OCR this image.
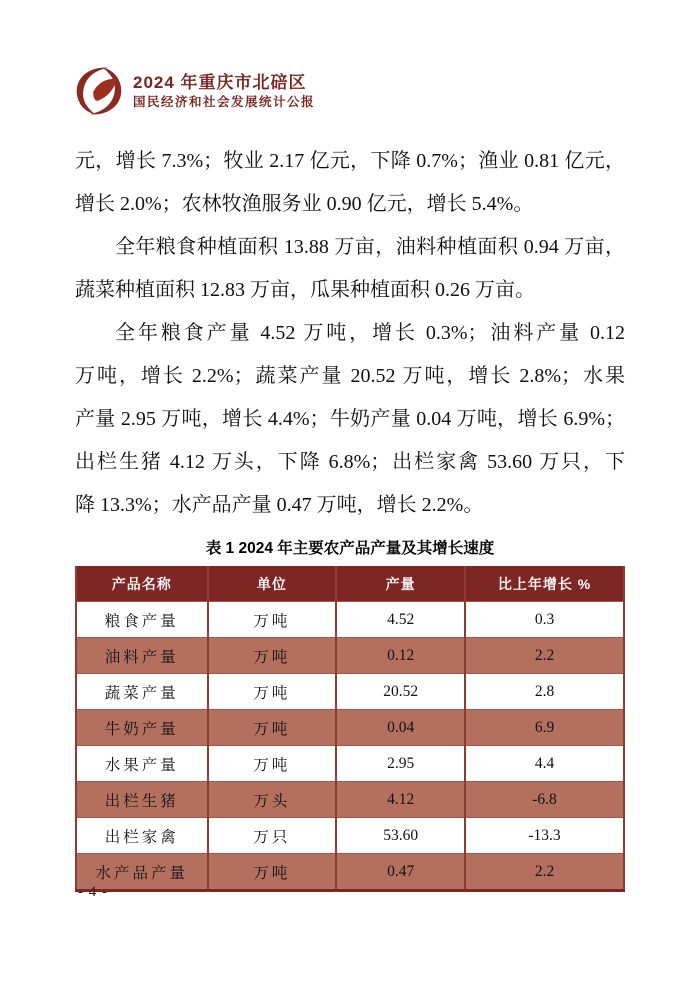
2024 年重庆市北碚区
国民经济和社会发展统计公报
元，增长 7.3%；牧业 2.17 亿元，下降 0.7%；渔业 0.81 亿元，
增长 2.0%；农林牧渔服务业 0.90 亿元，增长 5.4%。
全年粮食种植面积 13.88 万亩，油料种植面积 0.94 万亩，
蔬菜种植面积 12.83 万亩，瓜果种植面积 0.26 万亩。
全年粮食产量 4.52 万吨，增长 0.3%；油料产量 0.12
万吨，增长 2.2%；蔬菜产量 20.52 万吨，增长 2.8%；水果
产量 2.95 万吨，增长 4.4%；牛奶产量 0.04 万吨，增长 6.9%；
出栏生猪 4.12 万头，下降 6.8%；出栏家禽 53.60 万只，下
降 13.3%；水产品产量 0.47 万吨，增长 2.2%。
表 1 2024 年主要农产品产量及其增长速度
产品名称	单位	产量	比上年增长 %
粮食产量	万吨	4.52	0.3
油料产量	万吨	0.12	2.2
蔬菜产量	万吨	20.52	2.8
牛奶产量	万吨	0.04	6.9
水果产量	万吨	2.95	4.4
出栏生猪	万头	4.12	-6.8
出栏家禽	万只	53.60	-13.3
水产品产量	万吨	0.47	2.2
- 4 -
